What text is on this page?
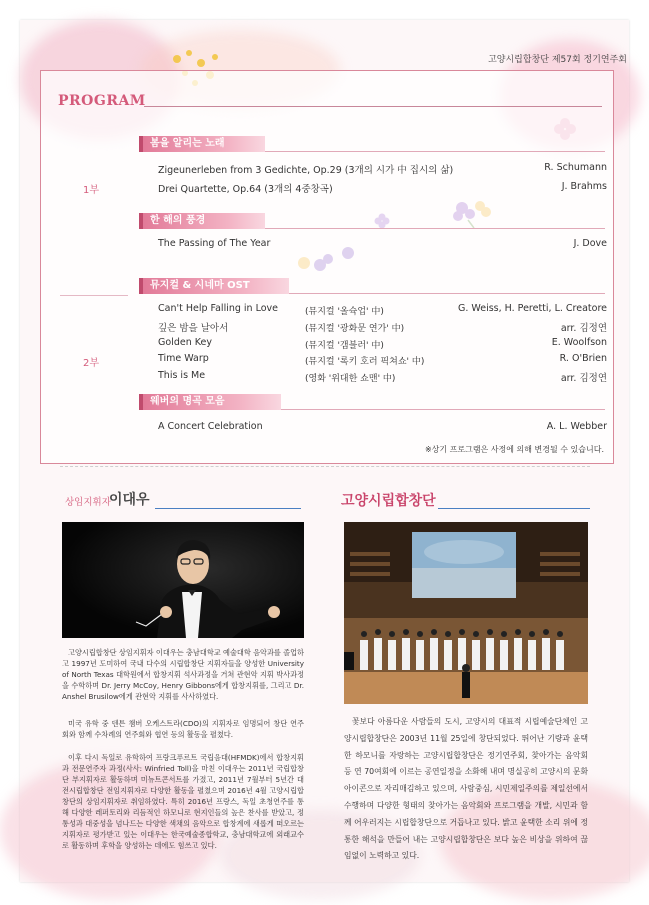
고양시립합창단 제57회 정기연주회
PROGRAM
1부
2부
봄을 알리는 노래
Zigeunerleben from 3 Gedichte, Op.29 (3개의 시가 中 집시의 삶)	R. Schumann
Drei Quartette, Op.64 (3개의 4중창곡)	J. Brahms
한 해의 풍경
The Passing of The Year	J. Dove
뮤지컬 & 시네마 OST
Can't Help Falling in Love	(뮤지컬 '올슉업' 中)	G. Weiss, H. Peretti, L. Creatore
깊은 밤을 날아서	(뮤지컬 '광화문 연가' 中)	arr. 김정연
Golden Key	(뮤지컬 '갬블러' 中)	E. Woolfson
Time Warp	(뮤지컬 '록키 호러 픽쳐쇼' 中)	R. O'Brien
This is Me	(영화 '위대한 쇼맨' 中)	arr. 김정연
웨버의 명곡 모음
A Concert Celebration	A. L. Webber
※상기 프로그램은 사정에 의해 변경될 수 있습니다.
상임지휘자
이대우	고양시립합창단
고양시립합창단 상임지휘자 이대우는 충남대학교 예술대학 음악과를 졸업하고 1997년 도미하여 국내 다수의 시립합창단 지휘자들을 양성한 University of North Texas 대학원에서 합창지휘 석사과정을 거쳐 관현악 지휘 박사과정을 수학하며 Dr. Jerry McCoy, Henry Gibbons에게 합창지휘를, 그리고 Dr. Anshel Brusilow에게 관현악 지휘를 사사하였다.
미국 유학 중 덴튼 챔버 오케스트라(CDO)의 지휘자로 임명되어 창단 연주회와 함께 수차례의 연주회와 협연 등의 활동을 펼쳤다.
이후 다시 독일로 유학하여 프랑크푸르트 국립음대(HFMDK)에서 합창지휘과 전문연주자 과정(사사: Winfried Toll)을 마친 이대우는 2011년 국립합창단 부지휘자로 활동하며 미뉴트콘서트를 가졌고, 2011년 7월부터 5년간 대전시립합창단 전임지휘자로 다양한 활동을 펼쳤으며 2016년 4월 고양시립합창단의 상임지휘자로 취임하였다. 특히 2016년 프랑스, 독일 초청연주를 통해 다양한 레퍼토리와 리듬적인 하모니로 현지인들의 높은 찬사를 받았고, 정통성과 대중성을 넘나드는 다양한 색채의 음악으로 합창계에 새롭게 떠오르는 지휘자로 평가받고 있는 이대우는 한국예술종합학교, 충남대학교에 외래교수로 활동하며 후학을 양성하는 데에도 힘쓰고 있다.
꽃보다 아름다운 사람들의 도시, 고양시의 대표적 시립예술단체인 고양시립합창단은 2003년 11월 25일에 창단되었다. 뛰어난 기량과 윤택한 하모니를 자랑하는 고양시립합창단은 정기연주회, 찾아가는 음악회 등 연 70여회에 이르는 공연일정을 소화해 내며 명실공히 고양시의 문화 아이콘으로 자리매김하고 있으며, 사람중심, 시민제일주의를 제일선에서 수행하며 다양한 형태의 찾아가는 음악회와 프로그램을 개발, 시민과 함께 어우러지는 시립합창단으로 거듭나고 있다. 밝고 윤택한 소리 위에 정통한 해석을 만들어 내는 고양시립합창단은 보다 높은 비상을 위하여 끊임없이 노력하고 있다.
